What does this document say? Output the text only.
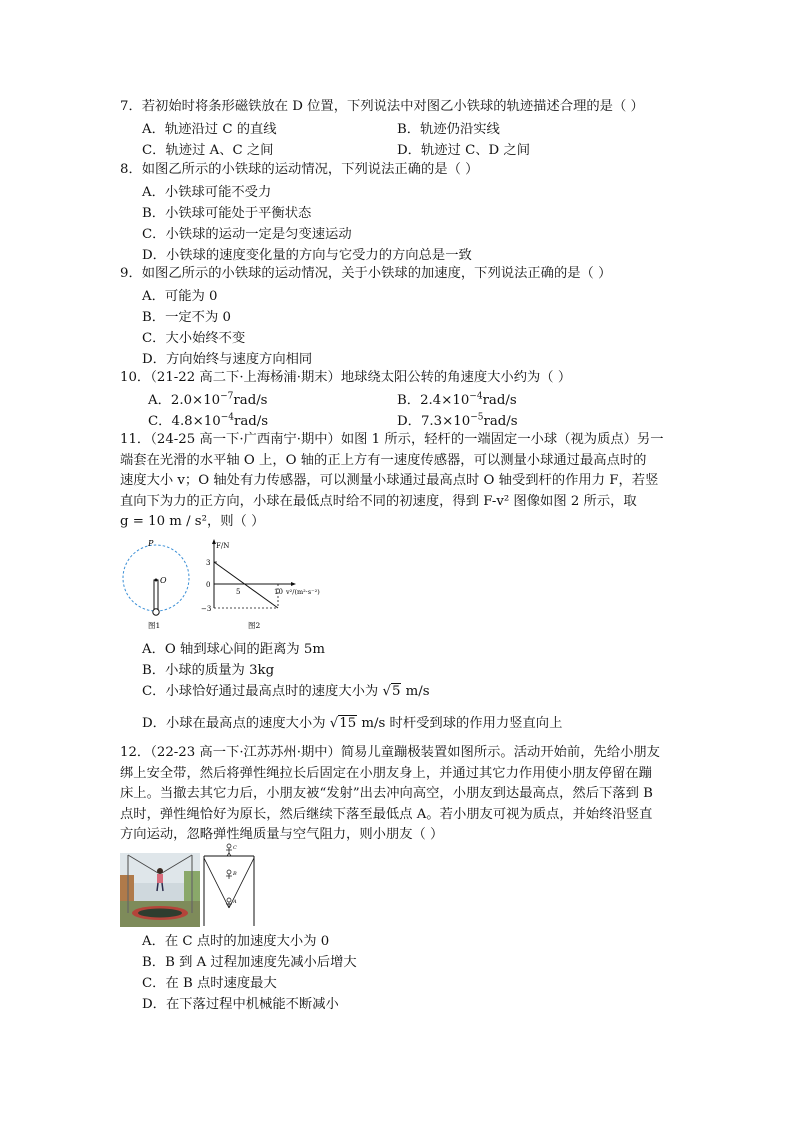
7．若初始时将条形磁铁放在 D 位置，下列说法中对图乙小铁球的轨迹描述合理的是（ ）
A．轨迹沿过 C 的直线	B．轨迹仍沿实线
C．轨迹过 A、C 之间	D．轨迹过 C、D 之间
8．如图乙所示的小铁球的运动情况，下列说法正确的是（ ）
A．小铁球可能不受力
B．小铁球可能处于平衡状态
C．小铁球的运动一定是匀变速运动
D．小铁球的速度变化量的方向与它受力的方向总是一致
9．如图乙所示的小铁球的运动情况，关于小铁球的加速度，下列说法正确的是（ ）
A．可能为 0
B．一定不为 0
C．大小始终不变
D．方向始终与速度方向相同
10．（21-22 高二下·上海杨浦·期末）地球绕太阳公转的角速度大小约为（ ）
A．$2.0\times 10^{-7}rad/s$	B．$2.4\times 10^{-4}rad/s$
C．$4.8\times 10^{-4}rad/s$	D．$7.3\times 10^{-5}rad/s$
11．（24-25 高一下·广西南宁·期中）如图 1 所示，轻杆的一端固定一小球（视为质点）另一
端套在光滑的水平轴 O 上，O 轴的正上方有一速度传感器，可以测量小球通过最高点时的
速度大小 v；O 轴处有力传感器，可以测量小球通过最高点时 O 轴受到杆的作用力 F，若竖
直向下为力的正方向，小球在最低点时给不同的初速度，得到 F-v² 图像如图 2 所示，取
g = 10 m / s²，则（ ）
P
O
图1
F/N
3
0
−3
5	10 v²/(m²·s⁻²)
图2
A．O 轴到球心间的距离为 5m
B．小球的质量为 3kg
C．小球恰好通过最高点时的速度大小为 √5 m/s
D．小球在最高点的速度大小为 √15 m/s 时杆受到球的作用力竖直向上
12．（22-23 高一下·江苏苏州·期中）简易儿童蹦极装置如图所示。活动开始前，先给小朋友
绑上安全带，然后将弹性绳拉长后固定在小朋友身上，并通过其它力作用使小朋友停留在蹦
床上。当撤去其它力后，小朋友被“发射”出去冲向高空，小朋友到达最高点，然后下落到 B
点时，弹性绳恰好为原长，然后继续下落至最低点 A。若小朋友可视为质点，并始终沿竖直
方向运动，忽略弹性绳质量与空气阻力，则小朋友（ ）
C
B
A
A．在 C 点时的加速度大小为 0
B．B 到 A 过程加速度先减小后增大
C．在 B 点时速度最大
D．在下落过程中机械能不断减小
